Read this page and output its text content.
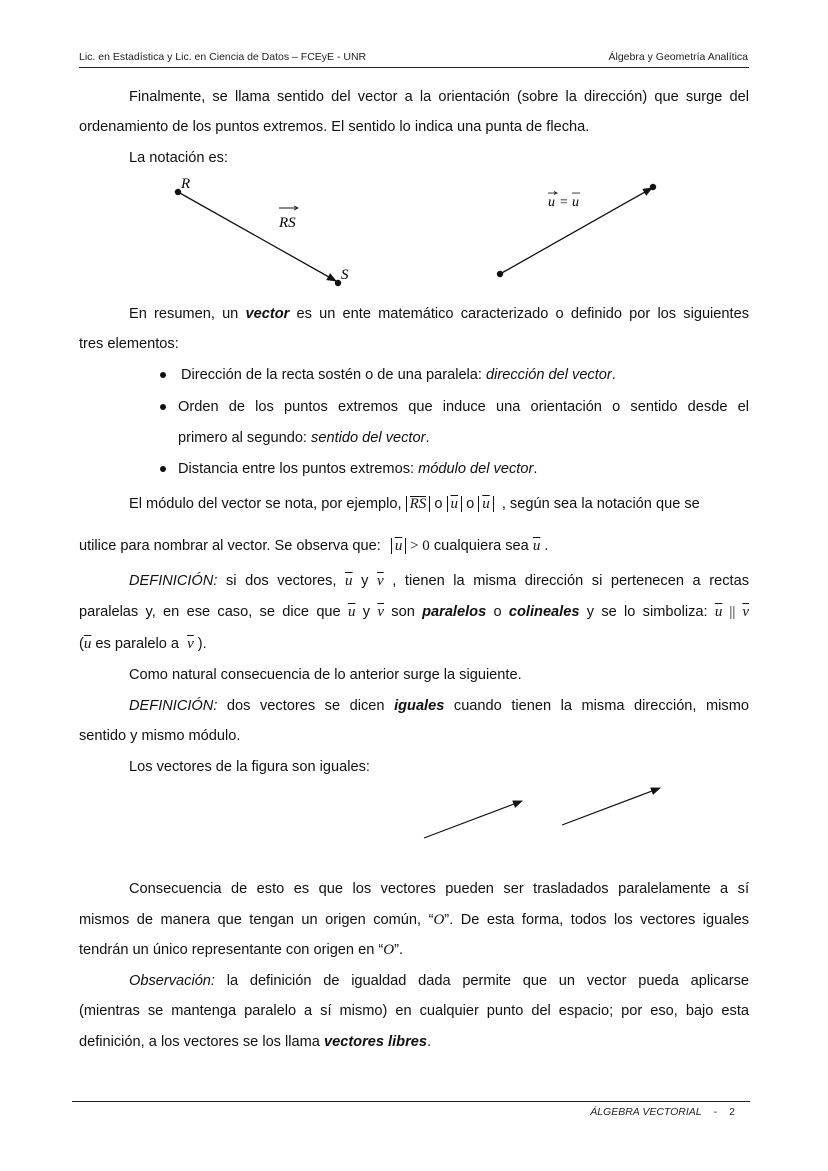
Lic. en Estadística y Lic. en Ciencia de Datos – FCEyE - UNR	Álgebra y Geometría Analítica
Finalmente, se llama sentido del vector a la orientación (sobre la dirección) que surge del
ordenamiento de los puntos extremos. El sentido lo indica una punta de flecha.
La notación es:
R
S
RS
u = u
En resumen, un vector es un ente matemático caracterizado o definido por los siguientes
tres elementos:
Dirección de la recta sostén o de una paralela: dirección del vector.
Orden de los puntos extremos que induce una orientación o sentido desde el
primero al segundo: sentido del vector.
Distancia entre los puntos extremos: módulo del vector.
El módulo del vector se nota, por ejemplo,
RS o $\overline{u}$ o $\overline{u}$ , según sea la notación que se
utilice para nombrar al vector. Se observa que: $\overline{u} > 0$ cualquiera sea $\overline{u}$ .
DEFINICIÓN: si dos vectores, $\overline{u}$ y $\overline{v}$ , tienen la misma dirección si pertenecen a rectas
paralelas y, en ese caso, se dice que $\overline{u}$ y $\overline{v}$ son paralelos o colineales y se lo simboliza: $\overline{u}$ || $\overline{v}$
($\overline{u}$ es paralelo a $\overline{v}$ ).
Como natural consecuencia de lo anterior surge la siguiente.
DEFINICIÓN: dos vectores se dicen iguales cuando tienen la misma dirección, mismo
sentido y mismo módulo.
Los vectores de la figura son iguales:
Consecuencia de esto es que los vectores pueden ser trasladados paralelamente a sí
mismos de manera que tengan un origen común, “O”. De esta forma, todos los vectores iguales
tendrán un único representante con origen en “O”.
Observación: la definición de igualdad dada permite que un vector pueda aplicarse
(mientras se mantenga paralelo a sí mismo) en cualquier punto del espacio; por eso, bajo esta
definición, a los vectores se los llama vectores libres.
ÁLGEBRA VECTORIAL - 2
